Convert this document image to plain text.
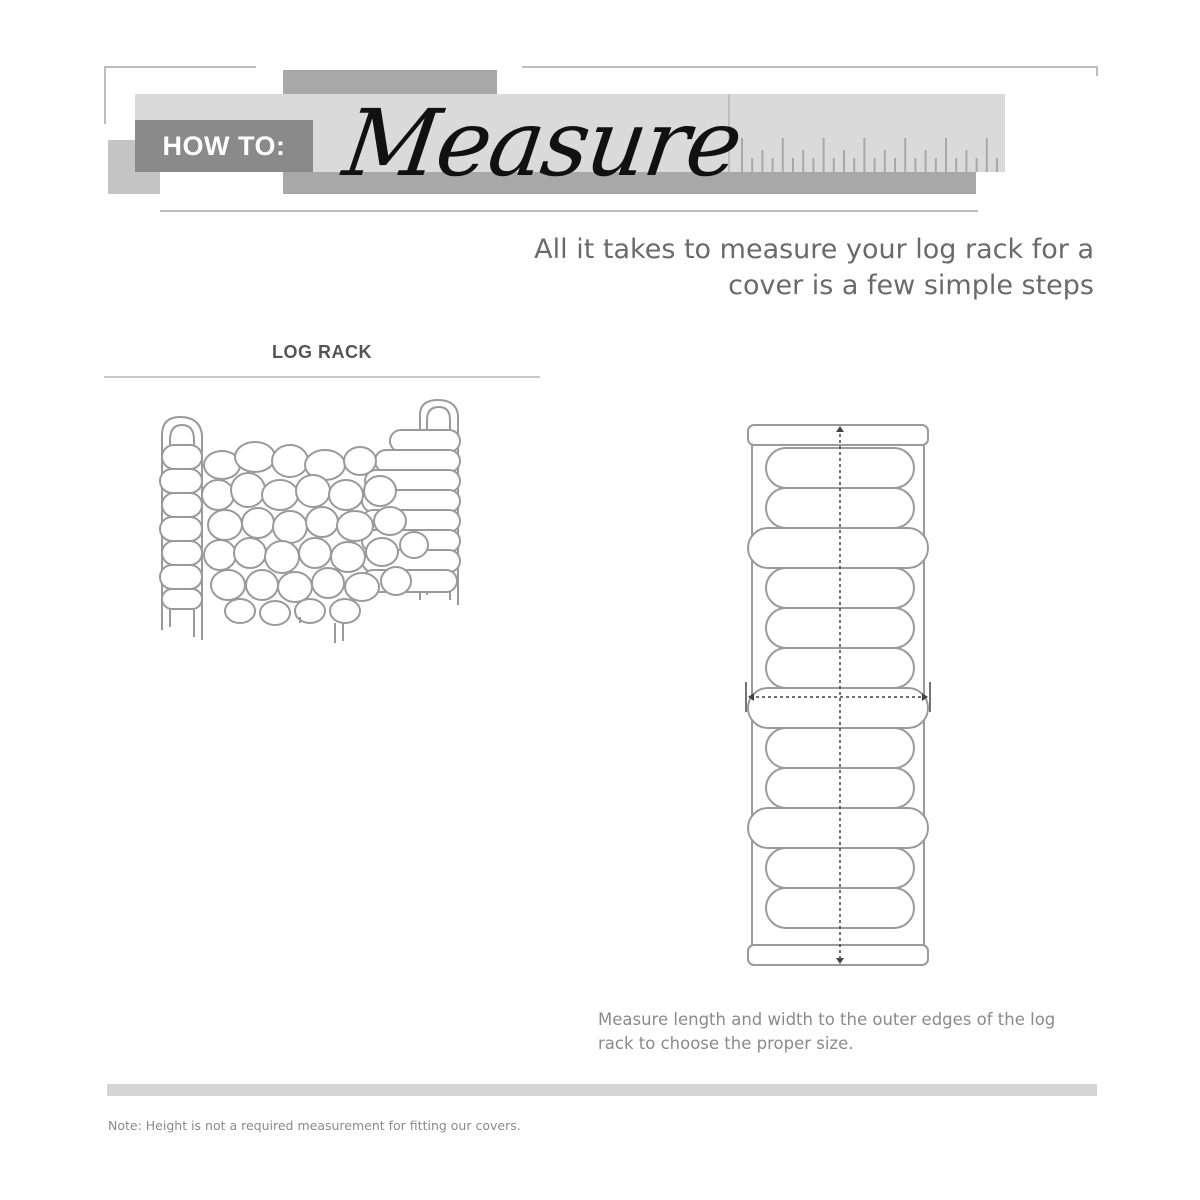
HOW TO: Measure
All it takes to measure your log rack for a
cover is a few simple steps
LOG RACK
Measure length and width to the outer edges of the log
rack to choose the proper size.
Note: Height is not a required measurement for fitting our covers.
